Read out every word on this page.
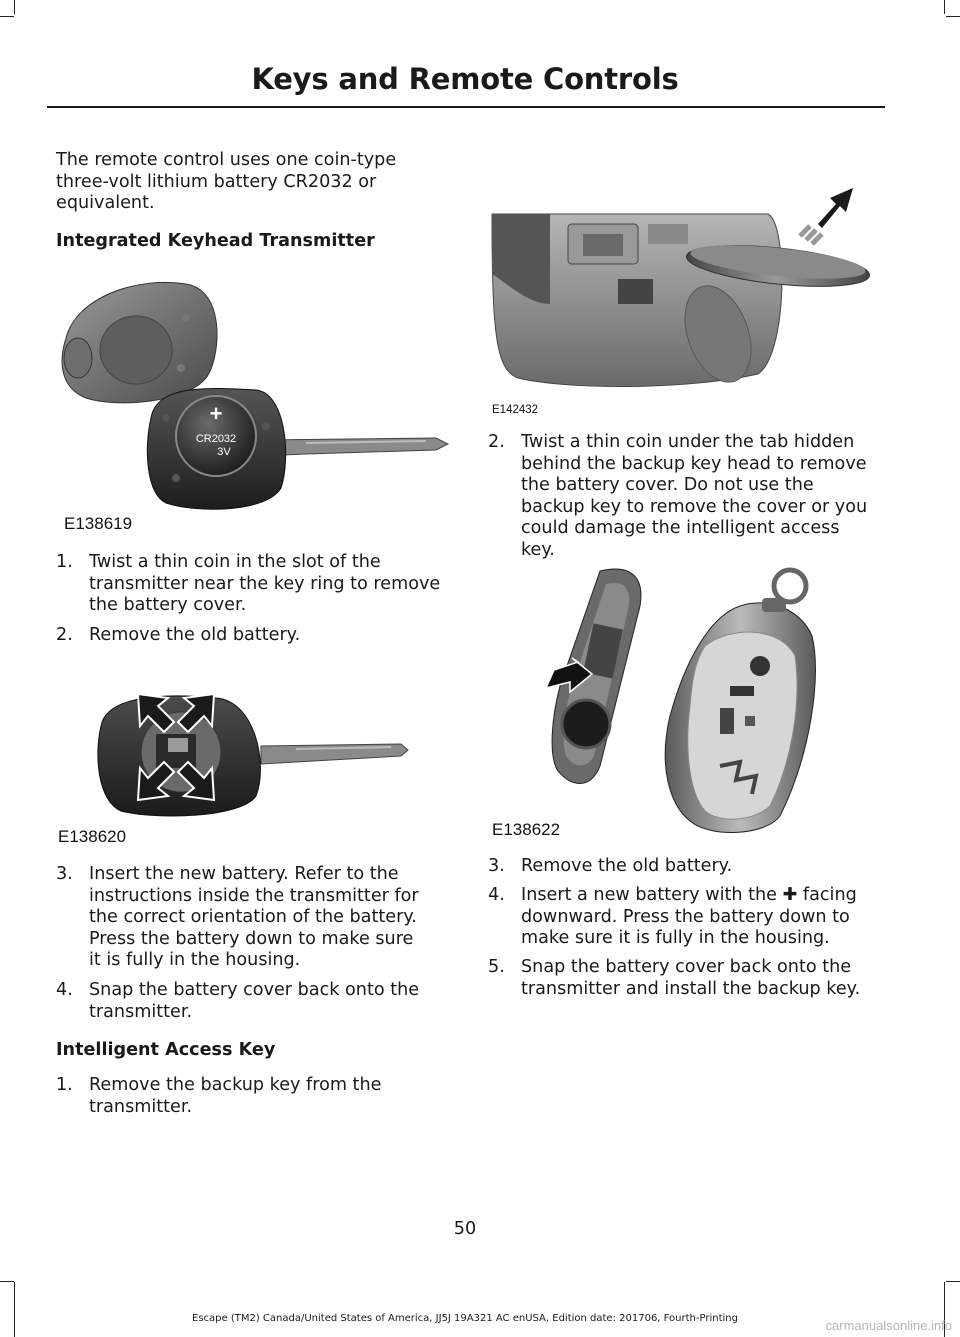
Keys and Remote Controls
The remote control uses one coin-type three-volt lithium battery CR2032 or equivalent.
Integrated Keyhead Transmitter
+
CR2032
3V
E138619
1. Twist a thin coin in the slot of the
transmitter near the key ring to remove
the battery cover.
2. Remove the old battery.
E138620
3. Insert the new battery. Refer to the
instructions inside the transmitter for
the correct orientation of the battery.
Press the battery down to make sure
it is fully in the housing.
4. Snap the battery cover back onto the
transmitter.
Intelligent Access Key
1. Remove the backup key from the
transmitter.
E142432
2. Twist a thin coin under the tab hidden
behind the backup key head to remove
the battery cover. Do not use the
backup key to remove the cover or you
could damage the intelligent access
key.
E138622
3. Remove the old battery.
4. Insert a new battery with the ✚ facing
downward. Press the battery down to
make sure it is fully in the housing.
5. Snap the battery cover back onto the
transmitter and install the backup key.
50
Escape (TM2) Canada/United States of America, JJ5J 19A321 AC enUSA, Edition date: 201706, Fourth-Printing	carmanualsonline.info
